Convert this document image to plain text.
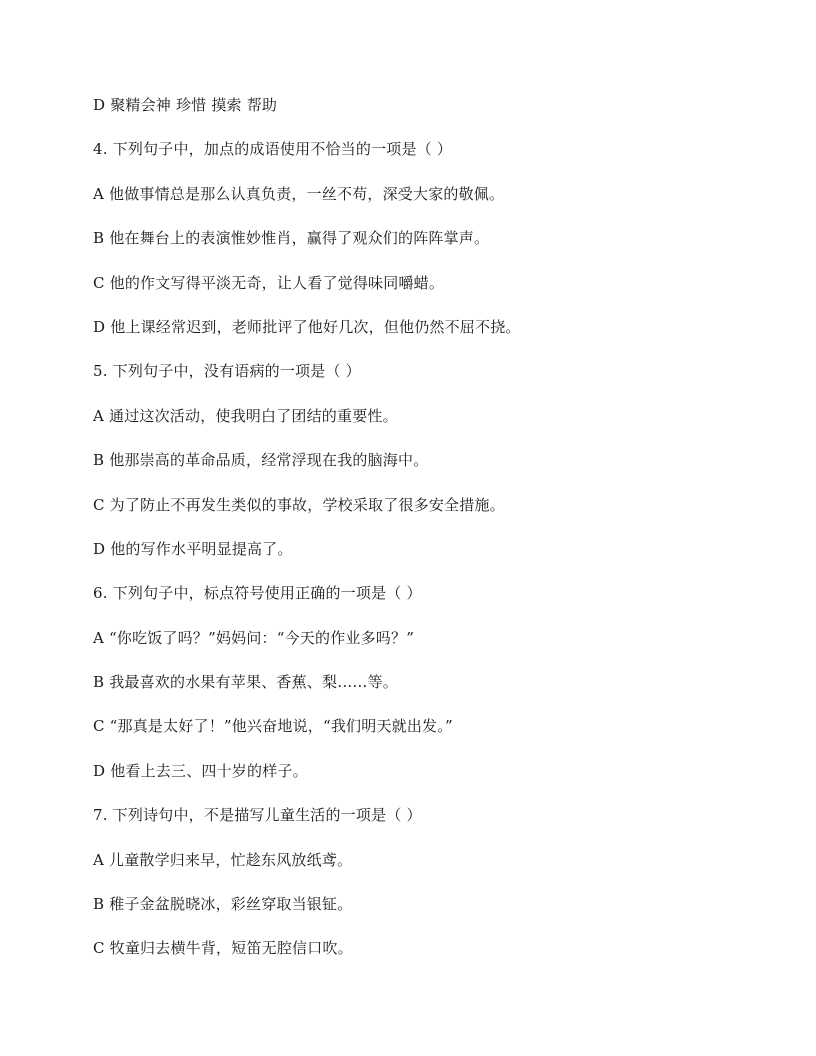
D 聚精会神 珍惜 摸索 帮助
4. 下列句子中，加点的成语使用不恰当的一项是（ ）
A 他做事情总是那么认真负责，一丝不苟，深受大家的敬佩。
B 他在舞台上的表演惟妙惟肖，赢得了观众们的阵阵掌声。
C 他的作文写得平淡无奇，让人看了觉得味同嚼蜡。
D 他上课经常迟到，老师批评了他好几次，但他仍然不屈不挠。
5. 下列句子中，没有语病的一项是（ ）
A 通过这次活动，使我明白了团结的重要性。
B 他那崇高的革命品质，经常浮现在我的脑海中。
C 为了防止不再发生类似的事故，学校采取了很多安全措施。
D 他的写作水平明显提高了。
6. 下列句子中，标点符号使用正确的一项是（ ）
A “你吃饭了吗？”妈妈问：“今天的作业多吗？”
B 我最喜欢的水果有苹果、香蕉、梨……等。
C “那真是太好了！”他兴奋地说，“我们明天就出发。”
D 他看上去三、四十岁的样子。
7. 下列诗句中，不是描写儿童生活的一项是（ ）
A 儿童散学归来早，忙趁东风放纸鸢。
B 稚子金盆脱晓冰，彩丝穿取当银钲。
C 牧童归去横牛背，短笛无腔信口吹。
